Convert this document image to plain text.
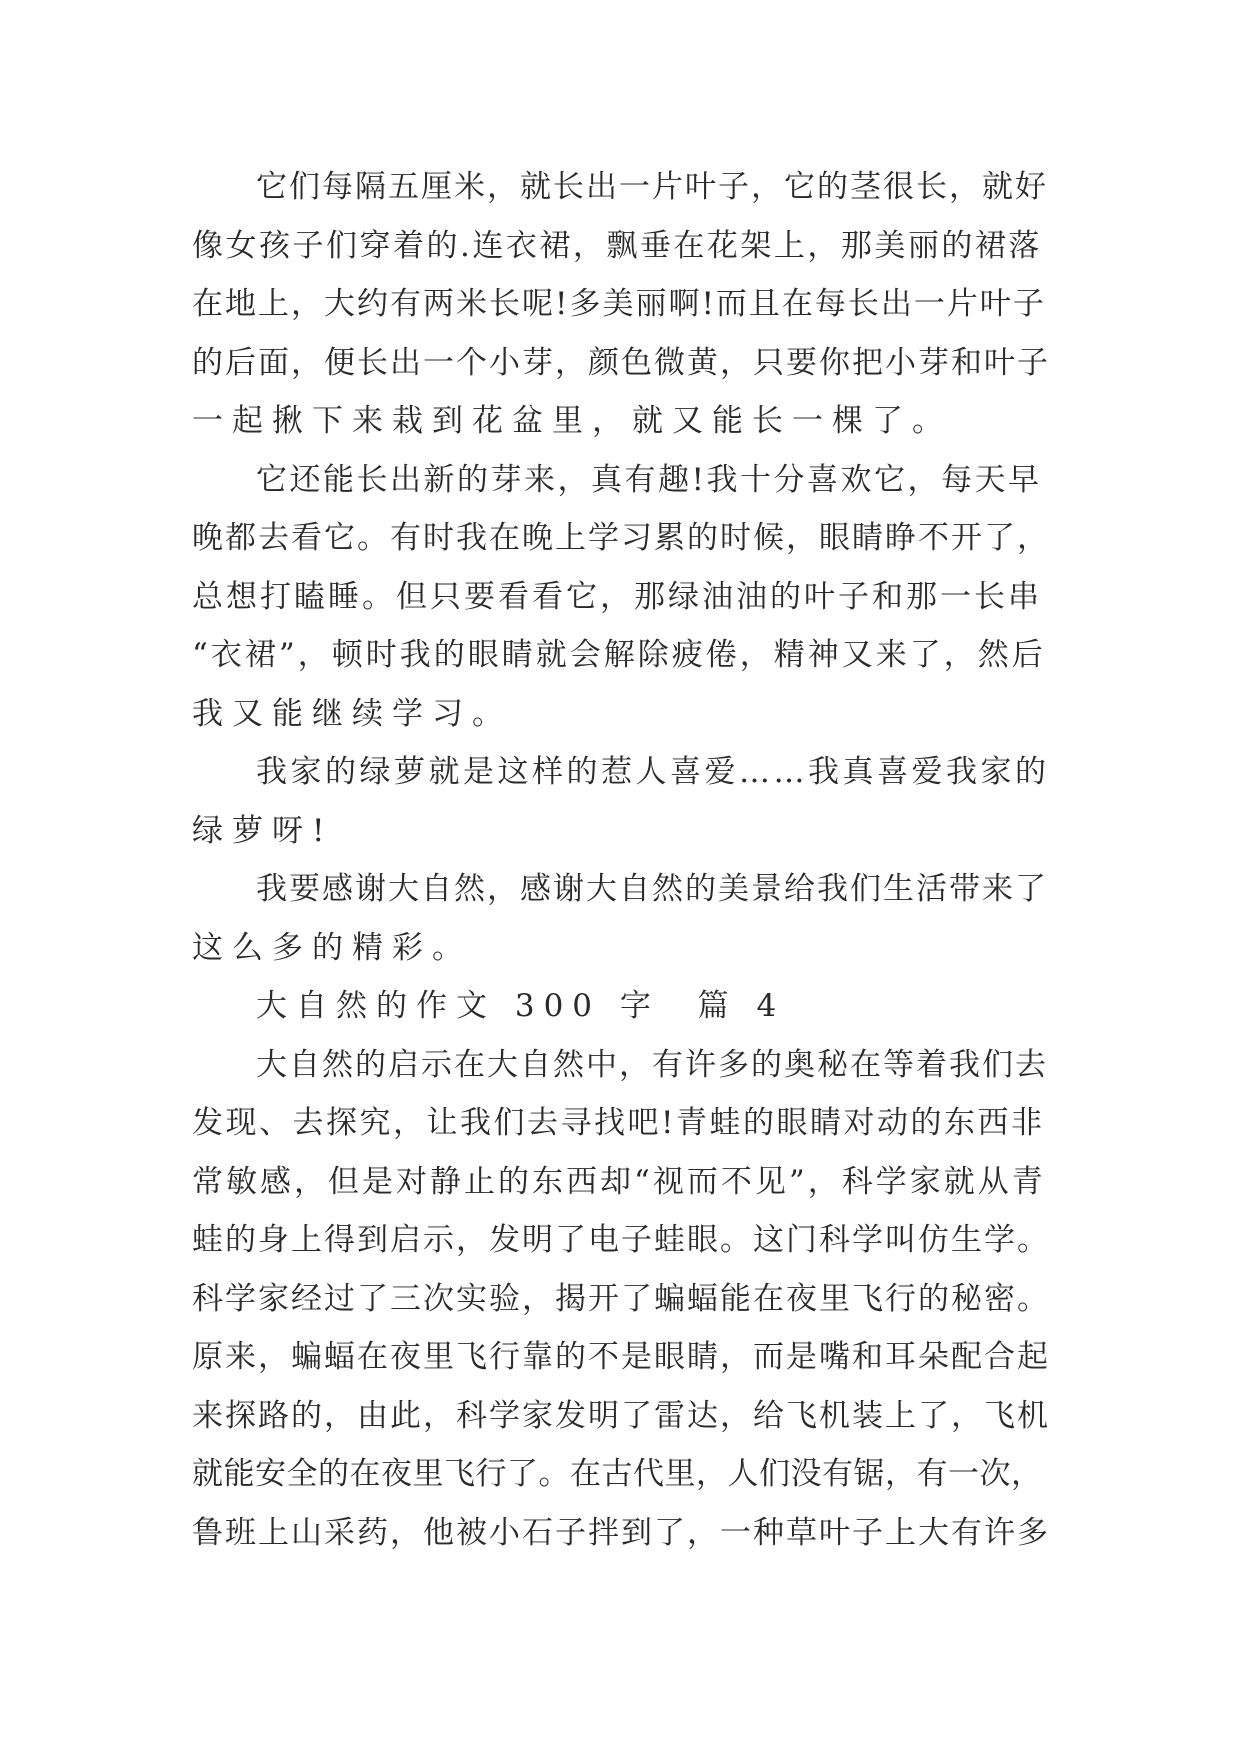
它们每隔五厘米，就长出一片叶子，它的茎很长，就好
像女孩子们穿着的.连衣裙，飘垂在花架上，那美丽的裙落
在地上，大约有两米长呢!多美丽啊!而且在每长出一片叶子
的后面，便长出一个小芽，颜色微黄，只要你把小芽和叶子
一起揪下来栽到花盆里，就又能长一棵了。
它还能长出新的芽来，真有趣!我十分喜欢它，每天早
晚都去看它。有时我在晚上学习累的时候，眼睛睁不开了，
总想打瞌睡。但只要看看它，那绿油油的叶子和那一长串
“衣裙”，顿时我的眼睛就会解除疲倦，精神又来了，然后
我又能继续学习。
我家的绿萝就是这样的惹人喜爱……我真喜爱我家的
绿萝呀!
我要感谢大自然，感谢大自然的美景给我们生活带来了
这么多的精彩。
大自然的作文 300 字  篇 4
大自然的启示在大自然中，有许多的奥秘在等着我们去
发现、去探究，让我们去寻找吧!青蛙的眼睛对动的东西非
常敏感，但是对静止的东西却“视而不见”，科学家就从青
蛙的身上得到启示，发明了电子蛙眼。这门科学叫仿生学。
科学家经过了三次实验，揭开了蝙蝠能在夜里飞行的秘密。
原来，蝙蝠在夜里飞行靠的不是眼睛，而是嘴和耳朵配合起
来探路的，由此，科学家发明了雷达，给飞机装上了，飞机
就能安全的在夜里飞行了。在古代里，人们没有锯，有一次，
鲁班上山采药，他被小石子拌到了，一种草叶子上大有许多
